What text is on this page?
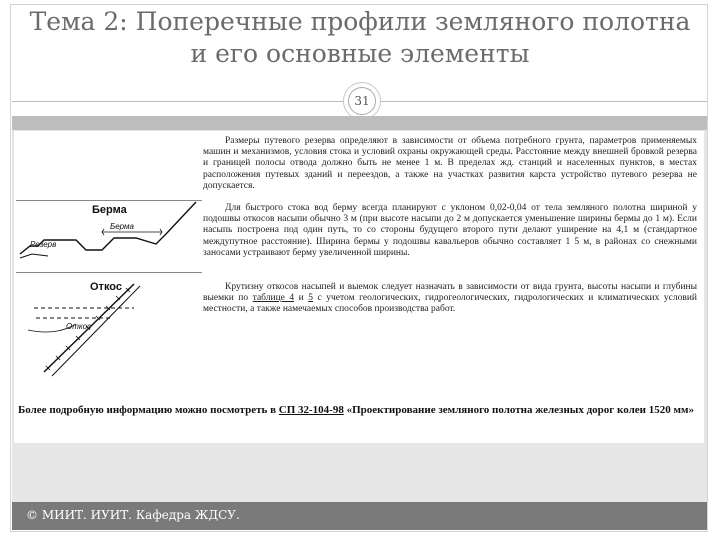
Тема 2: Поперечные профили земляного полотна
и его основные элементы
31
Берма
Берма
Резерв
Откос
Откос

Размеры путевого резерва определяют в зависимости от объема потребного грунта, параметров применяемых машин и механизмов, условия стока и условий охраны окружающей среды. Расстояние между внешней бровкой резерва и границей полосы отвода должно быть не менее 1 м. В пределах жд. станций и населенных пунктов, в местах расположения путевых зданий и переездов, а также на участках развития карста устройство путевого резерва не допускается.

Для быстрого стока вод берму всегда планируют с уклоном 0,02-0,04 от тела земляного полотна шириной у подошвы откосов насыпи обычно 3 м (при высоте насыпи до 2 м допускается уменьшение ширины бермы до 1 м). Если насыпь построена под один путь, то со стороны будущего второго пути делают уширение на 4,1 м (стандартное междупутное расстояние). Ширина бермы у подошвы кавальеров обычно составляет 1 5 м, в районах со снежными заносами устраивают берму увеличенной ширины.

Крутизну откосов насыпей и выемок следует назначать в зависимости от вида грунта, высоты насыпи и глубины выемки по таблице 4 и 5 с учетом геологических, гидрогеологических, гидрологических и климатических условий местности, а также намечаемых способов производства работ.

Более подробную информацию можно посмотреть в СП 32-104-98 «Проектирование земляного полотна железных дорог колеи 1520 мм»
© МИИТ. ИУИТ. Кафедра ЖДСУ.
